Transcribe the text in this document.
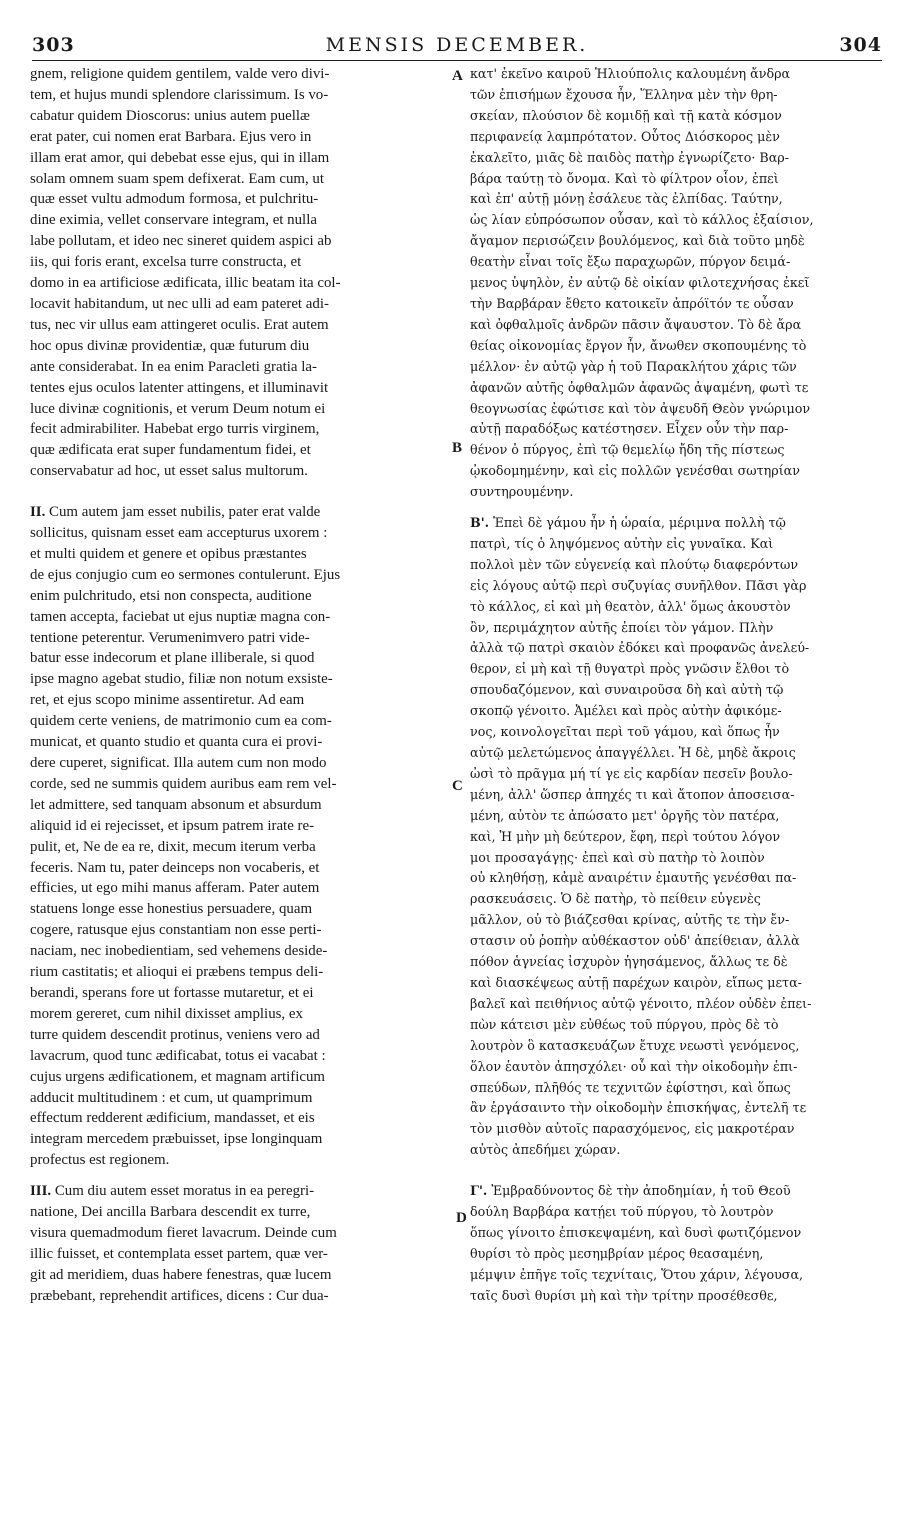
303	MENSIS DECEMBER.	304
A
B
C
D

gnem, religione quidem gentilem, valde vero divi-
tem, et hujus mundi splendore clarissimum. Is vo-
cabatur quidem Dioscorus: unius autem puellæ
erat pater, cui nomen erat Barbara. Ejus vero in
illam erat amor, qui debebat esse ejus, qui in illam
solam omnem suam spem defixerat. Eam cum, ut
quæ esset vultu admodum formosa, et pulchritu-
dine eximia, vellet conservare integram, et nulla
labe pollutam, et ideo nec sineret quidem aspici ab
iis, qui foris erant, excelsa turre constructa, et
domo in ea artificiose ædificata, illic beatam ita col-
locavit habitandum, ut nec ulli ad eam pateret adi-
tus, nec vir ullus eam attingeret oculis. Erat autem
hoc opus divinæ providentiæ, quæ futurum diu
ante considerabat. In ea enim Paracleti gratia la-
tentes ejus oculos latenter attingens, et illuminavit
luce divinæ cognitionis, et verum Deum notum ei
fecit admirabiliter. Habebat ergo turris virginem,
quæ ædificata erat super fundamentum fidei, et
conservabatur ad hoc, ut esset salus multorum.

II. Cum autem jam esset nubilis, pater erat valde
sollicitus, quisnam esset eam accepturus uxorem :
et multi quidem et genere et opibus præstantes
de ejus conjugio cum eo sermones contulerunt. Ejus
enim pulchritudo, etsi non conspecta, auditione
tamen accepta, faciebat ut ejus nuptiæ magna con-
tentione peterentur. Verumenimvero patri vide-
batur esse indecorum et plane illiberale, si quod
ipse magno agebat studio, filiæ non notum exsiste-
ret, et ejus scopo minime assentiretur. Ad eam
quidem certe veniens, de matrimonio cum ea com-
municat, et quanto studio et quanta cura ei provi-
dere cuperet, significat. Illa autem cum non modo
corde, sed ne summis quidem auribus eam rem vel-
let admittere, sed tanquam absonum et absurdum
aliquid id ei rejecisset, et ipsum patrem irate re-
pulit, et, Ne de ea re, dixit, mecum iterum verba
feceris. Nam tu, pater deinceps non vocaberis, et
efficies, ut ego mihi manus afferam. Pater autem
statuens longe esse honestius persuadere, quam
cogere, ratusque ejus constantiam non esse perti-
naciam, nec inobedientiam, sed vehemens deside-
rium castitatis; et alioqui ei præbens tempus deli-
berandi, sperans fore ut fortasse mutaretur, et ei
morem gereret, cum nihil dixisset amplius, ex
turre quidem descendit protinus, veniens vero ad
lavacrum, quod tunc ædificabat, totus ei vacabat :
cujus urgens ædificationem, et magnam artificum
adducit multitudinem : et cum, ut quamprimum
effectum redderent ædificium, mandasset, et eis
integram mercedem præbuisset, ipse longinquam
profectus est regionem.

III. Cum diu autem esset moratus in ea peregri-
natione, Dei ancilla Barbara descendit ex turre,
visura quemadmodum fieret lavacrum. Deinde cum
illic fuisset, et contemplata esset partem, quæ ver-
git ad meridiem, duas habere fenestras, quæ lucem
præbebant, reprehendit artifices, dicens : Cur dua-

κατ' ἐκεῖνο καιροῦ Ἡλιούπολις καλουμένη ἄνδρα
τῶν ἐπισήμων ἔχουσα ἦν, Ἕλληνα μὲν τὴν θρη-
σκείαν, πλούσιον δὲ κομιδῇ καὶ τῇ κατὰ κόσμον
περιφανείᾳ λαμπρότατον. Οὗτος Διόσκορος μὲν
ἐκαλεῖτο, μιᾶς δὲ παιδὸς πατὴρ ἐγνωρίζετο· Βαρ-
βάρα ταύτῃ τὸ ὄνομα. Καὶ τὸ φίλτρον οἷον, ἐπεὶ
καὶ ἐπ' αὐτῇ μόνῃ ἐσάλευε τὰς ἐλπίδας. Ταύτην,
ὡς λίαν εὐπρόσωπον οὖσαν, καὶ τὸ κάλλος ἐξαίσιον,
ἄγαμον περισώζειν βουλόμενος, καὶ διὰ τοῦτο μηδὲ
θεατὴν εἶναι τοῖς ἔξω παραχωρῶν, πύργον δειμά-
μενος ὑψηλὸν, ἐν αὐτῷ δὲ οἰκίαν φιλοτεχνήσας ἐκεῖ
τὴν Βαρβάραν ἔθετο κατοικεῖν ἀπρόϊτόν τε οὖσαν
καὶ ὀφθαλμοῖς ἀνδρῶν πᾶσιν ἄψαυστον. Τὸ δὲ ἄρα
θείας οἰκονομίας ἔργον ἦν, ἄνωθεν σκοπουμένης τὸ
μέλλον· ἐν αὐτῷ γὰρ ἡ τοῦ Παρακλήτου χάρις τῶν
ἀφανῶν αὐτῆς ὀφθαλμῶν ἀφανῶς ἀψαμένη, φωτὶ τε
θεογνωσίας ἐφώτισε καὶ τὸν ἀψευδῆ Θεὸν γνώριμον
αὐτῇ παραδόξως κατέστησεν. Εἶχεν οὖν τὴν παρ-
θένον ὁ πύργος, ἐπὶ τῷ θεμελίῳ ἤδη τῆς πίστεως
ᾠκοδομημένην, καὶ εἰς πολλῶν γενέσθαι σωτηρίαν
συντηρουμένην.

Β'. Ἐπεὶ δὲ γάμου ἦν ἡ ὡραία, μέριμνα πολλὴ τῷ
πατρὶ, τίς ὁ ληψόμενος αὐτὴν εἰς γυναῖκα. Καὶ
πολλοὶ μὲν τῶν εὐγενείᾳ καὶ πλούτῳ διαφερόντων
εἰς λόγους αὐτῷ περὶ συζυγίας συνῆλθον. Πᾶσι γὰρ
τὸ κάλλος, εἰ καὶ μὴ θεατὸν, ἀλλ' ὅμως ἀκουστὸν
ὂν, περιμάχητον αὐτῆς ἐποίει τὸν γάμον. Πλὴν
ἀλλὰ τῷ πατρὶ σκαιὸν ἐδόκει καὶ προφανῶς ἀνελεύ-
θερον, εἰ μὴ καὶ τῇ θυγατρὶ πρὸς γνῶσιν ἔλθοι τὸ
σπουδαζόμενον, καὶ συναιροῦσα δὴ καὶ αὐτὴ τῷ
σκοπῷ γένοιτο. Ἀμέλει καὶ πρὸς αὐτὴν ἀφικόμε-
νος, κοινολογεῖται περὶ τοῦ γάμου, καὶ ὅπως ἦν
αὐτῷ μελετώμενος ἀπαγγέλλει. Ἡ δὲ, μηδὲ ἄκροις
ὠσὶ τὸ πρᾶγμα μή τί γε εἰς καρδίαν πεσεῖν βουλο-
μένη, ἀλλ' ὥσπερ ἀπηχές τι καὶ ἄτοπον ἀποσεισα-
μένη, αὐτὸν τε ἀπώσατο μετ' ὀργῆς τὸν πατέρα,
καὶ, Ἡ μὴν μὴ δεύτερον, ἔφη, περὶ τούτου λόγον
μοι προσαγάγῃς· ἐπεὶ καὶ σὺ πατὴρ τὸ λοιπὸν
οὐ κληθήσῃ, κἀμὲ αναιρέτιν ἐμαυτῆς γενέσθαι πα-
ρασκευάσεις. Ὁ δὲ πατὴρ, τὸ πείθειν εὐγενὲς
μᾶλλον, οὐ τὸ βιάζεσθαι κρίνας, αὐτῆς τε τὴν ἔν-
στασιν οὐ ῥοπὴν αὐθέκαστον οὐδ' ἀπείθειαν, ἀλλὰ
πόθον ἁγνείας ἰσχυρὸν ἡγησάμενος, ἄλλως τε δὲ
καὶ διασκέψεως αὐτῇ παρέχων καιρὸν, εἴπως μετα-
βαλεῖ καὶ πειθήνιος αὐτῷ γένοιτο, πλέον οὐδὲν ἐπει-
πὼν κάτεισι μὲν εὐθέως τοῦ πύργου, πρὸς δὲ τὸ
λουτρὸν ὃ κατασκευάζων ἔτυχε νεωστὶ γενόμενος,
ὅλον ἑαυτὸν ἀπησχόλει· οὗ καὶ τὴν οἰκοδομὴν ἐπι-
σπεύδων, πλῆθός τε τεχνιτῶν ἐφίστησι, καὶ ὅπως
ἂν ἐργάσαιντο τὴν οἰκοδομὴν ἐπισκήψας, ἐντελῆ τε
τὸν μισθὸν αὐτοῖς παρασχόμενος, εἰς μακροτέραν
αὐτὸς ἀπεδήμει χώραν.

Γ'. Ἐμβραδύνοντος δὲ τὴν ἀποδημίαν, ἡ τοῦ Θεοῦ
δούλη Βαρβάρα κατῄει τοῦ πύργου, τὸ λουτρὸν
ὅπως γίνοιτο ἐπισκεψαμένη, καὶ δυσὶ φωτιζόμενον
θυρίσι τὸ πρὸς μεσημβρίαν μέρος θεασαμένη,
μέμψιν ἐπῆγε τοῖς τεχνίταις, Ὅτου χάριν, λέγουσα,
ταῖς δυσὶ θυρίσι μὴ καὶ τὴν τρίτην προσέθεσθε,
